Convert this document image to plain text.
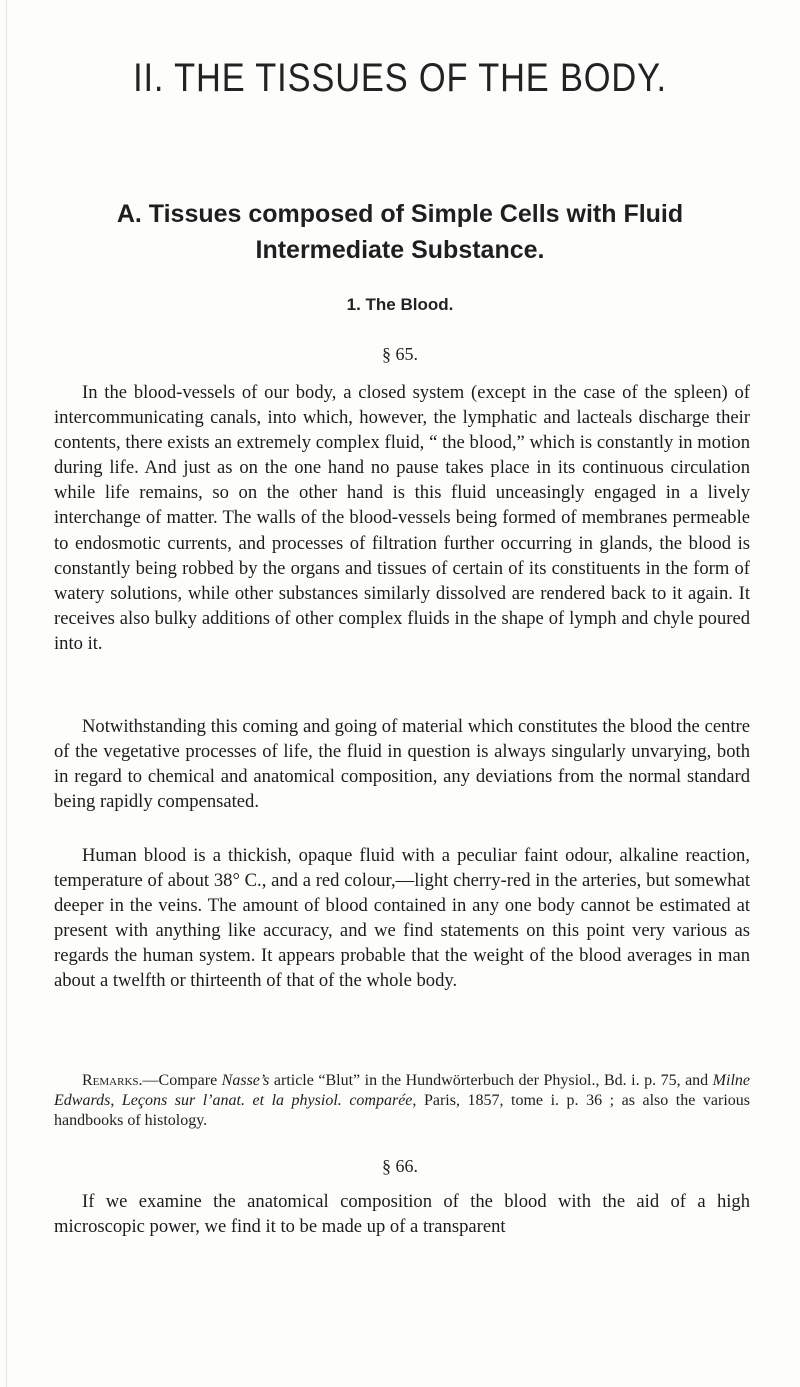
II. THE TISSUES OF THE BODY.
A. Tissues composed of Simple Cells with Fluid
Intermediate Substance.
1. The Blood.
§ 65.

In the blood-vessels of our body, a closed system (except in the case of the spleen) of intercommunicating canals, into which, however, the lymphatic and lacteals discharge their contents, there exists an extremely complex fluid, “ the blood,” which is constantly in motion during life. And just as on the one hand no pause takes place in its continuous circulation while life remains, so on the other hand is this fluid unceasingly engaged in a lively interchange of matter. The walls of the blood-vessels being formed of membranes permeable to endosmotic currents, and processes of filtration further occurring in glands, the blood is constantly being robbed by the organs and tissues of certain of its constituents in the form of watery solutions, while other substances similarly dissolved are rendered back to it again. It receives also bulky additions of other complex fluids in the shape of lymph and chyle poured into it.

Notwithstanding this coming and going of material which constitutes the blood the centre of the vegetative processes of life, the fluid in question is always singularly unvarying, both in regard to chemical and anatomical composition, any deviations from the normal standard being rapidly compensated.

Human blood is a thickish, opaque fluid with a peculiar faint odour, alkaline reaction, temperature of about 38° C., and a red colour,—light cherry-red in the arteries, but somewhat deeper in the veins. The amount of blood contained in any one body cannot be estimated at present with anything like accuracy, and we find statements on this point very various as regards the human system. It appears probable that the weight of the blood averages in man about a twelfth or thirteenth of that of the whole body.

Remarks.—Compare Nasse’s article “Blut” in the Hundwörterbuch der Physiol., Bd. i. p. 75, and Milne Edwards, Leçons sur l’anat. et la physiol. comparée, Paris, 1857, tome i. p. 36 ; as also the various handbooks of histology.

§ 66.

If we examine the anatomical composition of the blood with the aid of a high microscopic power, we find it to be made up of a transparent
